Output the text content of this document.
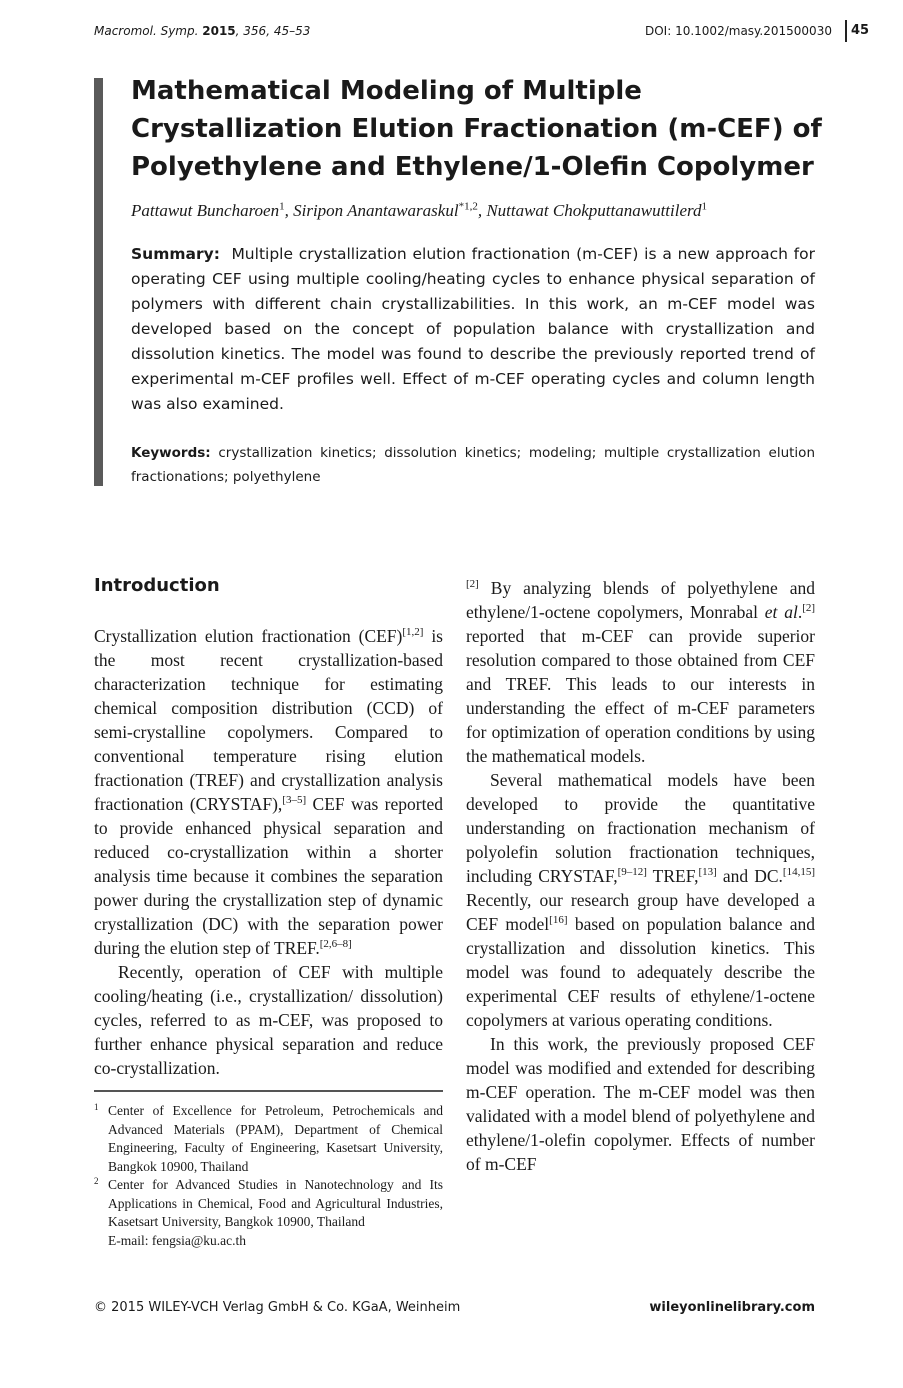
Macromol. Symp. 2015, 356, 45–53	DOI: 10.1002/masy.201500030	45
Mathematical Modeling of Multiple Crystallization Elution Fractionation (m-CEF) of Polyethylene and Ethylene/1-Olefin Copolymer
Pattawut Buncharoen$^1$, Siripon Anantawaraskul$^{*1,2}$, Nuttawat Chokputtanawuttilerd$^1$

Summary: Multiple crystallization elution fractionation (m-CEF) is a new approach for operating CEF using multiple cooling/heating cycles to enhance physical separation of polymers with different chain crystallizabilities. In this work, an m-CEF model was developed based on the concept of population balance with crystallization and dissolution kinetics. The model was found to describe the previously reported trend of experimental m-CEF profiles well. Effect of m-CEF operating cycles and column length was also examined.

Keywords: crystallization kinetics; dissolution kinetics; modeling; multiple crystallization elution fractionations; polyethylene

Introduction

Crystallization elution fractionation (CEF)[1,2] is the most recent crystallization-based characterization technique for estimating chemical composition distribution (CCD) of semi-crystalline copolymers. Compared to conventional temperature rising elution fractionation (TREF) and crystallization analysis fractionation (CRYSTAF),[3–5] CEF was reported to provide enhanced physical separation and reduced co-crystallization within a shorter analysis time because it combines the separation power during the crystallization step of dynamic crystallization (DC) with the separation power during the elution step of TREF.[2,6–8]

Recently, operation of CEF with multiple cooling/heating (i.e., crystallization/ dissolution) cycles, referred to as m-CEF, was proposed to further enhance physical separation and reduce co-crystallization.

[2] By analyzing blends of polyethylene and ethylene/1-octene copolymers, Monrabal et al.[2] reported that m-CEF can provide superior resolution compared to those obtained from CEF and TREF. This leads to our interests in understanding the effect of m-CEF parameters for optimization of operation conditions by using the mathematical models.

Several mathematical models have been developed to provide the quantitative understanding on fractionation mechanism of polyolefin solution fractionation techniques, including CRYSTAF,[9–12] TREF,[13] and DC.[14,15] Recently, our research group have developed a CEF model[16] based on population balance and crystallization and dissolution kinetics. This model was found to adequately describe the experimental CEF results of ethylene/1-octene copolymers at various operating conditions.

In this work, the previously proposed CEF model was modified and extended for describing m-CEF operation. The m-CEF model was then validated with a model blend of polyethylene and ethylene/1-olefin copolymer. Effects of number of m-CEF

1 Center of Excellence for Petroleum, Petrochemicals and Advanced Materials (PPAM), Department of Chemical Engineering, Faculty of Engineering, Kasetsart University, Bangkok 10900, Thailand

2 Center for Advanced Studies in Nanotechnology and Its Applications in Chemical, Food and Agricultural Industries, Kasetsart University, Bangkok 10900, Thailand

E-mail: fengsia@ku.ac.th

© 2015 WILEY-VCH Verlag GmbH & Co. KGaA, Weinheim	wileyonlinelibrary.com
